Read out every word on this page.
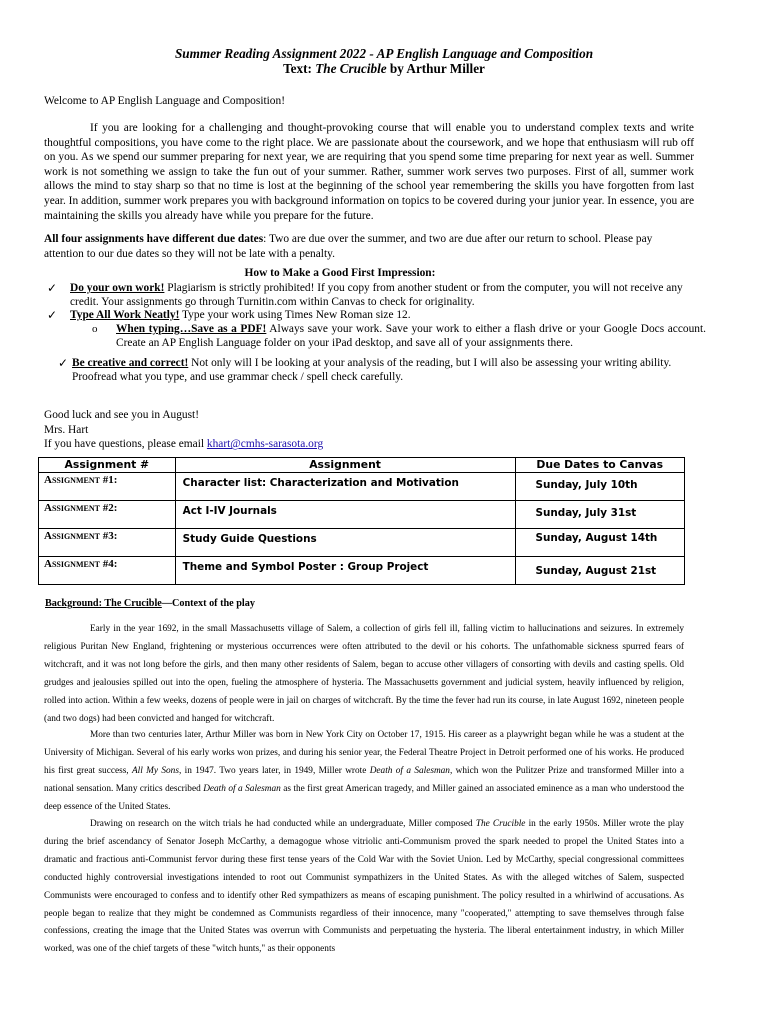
Summer Reading Assignment 2022 - AP English Language and Composition
Text: The Crucible by Arthur Miller
Welcome to AP English Language and Composition!
If you are looking for a challenging and thought-provoking course that will enable you to understand complex texts and write thoughtful compositions, you have come to the right place. We are passionate about the coursework, and we hope that enthusiasm will rub off on you. As we spend our summer preparing for next year, we are requiring that you spend some time preparing for next year as well. Summer work is not something we assign to take the fun out of your summer. Rather, summer work serves two purposes. First of all, summer work allows the mind to stay sharp so that no time is lost at the beginning of the school year remembering the skills you have forgotten from last year. In addition, summer work prepares you with background information on topics to be covered during your junior year. In essence, you are maintaining the skills you already have while you prepare for the future.
All four assignments have different due dates: Two are due over the summer, and two are due after our return to school. Please pay attention to our due dates so they will not be late with a penalty.
How to Make a Good First Impression:
✓ Do your own work! Plagiarism is strictly prohibited! If you copy from another student or from the computer, you will not receive any credit. Your assignments go through Turnitin.com within Canvas to check for originality.
✓ Type All Work Neatly! Type your work using Times New Roman size 12.
o When typing…Save as a PDF! Always save your work. Save your work to either a flash drive or your Google Docs account. Create an AP English Language folder on your iPad desktop, and save all of your assignments there.
✓ Be creative and correct! Not only will I be looking at your analysis of the reading, but I will also be assessing your writing ability. Proofread what you type, and use grammar check / spell check carefully.
Good luck and see you in August!
Mrs. Hart
If you have questions, please email khart@cmhs-sarasota.org
Assignment #	Assignment	Due Dates to Canvas

Assignment #1:	Character list: Characterization and Motivation	Sunday, July 10th

Assignment #2:	Act I-IV Journals	Sunday, July 31st

Assignment #3:	Study Guide Questions	Sunday, August 14th

Assignment #4:	Theme and Symbol Poster : Group Project	Sunday, August 21st
Background: The Crucible—Context of the play
Early in the year 1692, in the small Massachusetts village of Salem, a collection of girls fell ill, falling victim to hallucinations and seizures. In extremely religious Puritan New England, frightening or mysterious occurrences were often attributed to the devil or his cohorts. The unfathomable sickness spurred fears of witchcraft, and it was not long before the girls, and then many other residents of Salem, began to accuse other villagers of consorting with devils and casting spells. Old grudges and jealousies spilled out into the open, fueling the atmosphere of hysteria. The Massachusetts government and judicial system, heavily influenced by religion, rolled into action. Within a few weeks, dozens of people were in jail on charges of witchcraft. By the time the fever had run its course, in late August 1692, nineteen people (and two dogs) had been convicted and hanged for witchcraft.
More than two centuries later, Arthur Miller was born in New York City on October 17, 1915. His career as a playwright began while he was a student at the University of Michigan. Several of his early works won prizes, and during his senior year, the Federal Theatre Project in Detroit performed one of his works. He produced his first great success, All My Sons, in 1947. Two years later, in 1949, Miller wrote Death of a Salesman, which won the Pulitzer Prize and transformed Miller into a national sensation. Many critics described Death of a Salesman as the first great American tragedy, and Miller gained an associated eminence as a man who understood the deep essence of the United States.
Drawing on research on the witch trials he had conducted while an undergraduate, Miller composed The Crucible in the early 1950s. Miller wrote the play during the brief ascendancy of Senator Joseph McCarthy, a demagogue whose vitriolic anti-Communism proved the spark needed to propel the United States into a dramatic and fractious anti-Communist fervor during these first tense years of the Cold War with the Soviet Union. Led by McCarthy, special congressional committees conducted highly controversial investigations intended to root out Communist sympathizers in the United States. As with the alleged witches of Salem, suspected Communists were encouraged to confess and to identify other Red sympathizers as means of escaping punishment. The policy resulted in a whirlwind of accusations. As people began to realize that they might be condemned as Communists regardless of their innocence, many "cooperated," attempting to save themselves through false confessions, creating the image that the United States was overrun with Communists and perpetuating the hysteria. The liberal entertainment industry, in which Miller worked, was one of the chief targets of these "witch hunts," as their opponents
